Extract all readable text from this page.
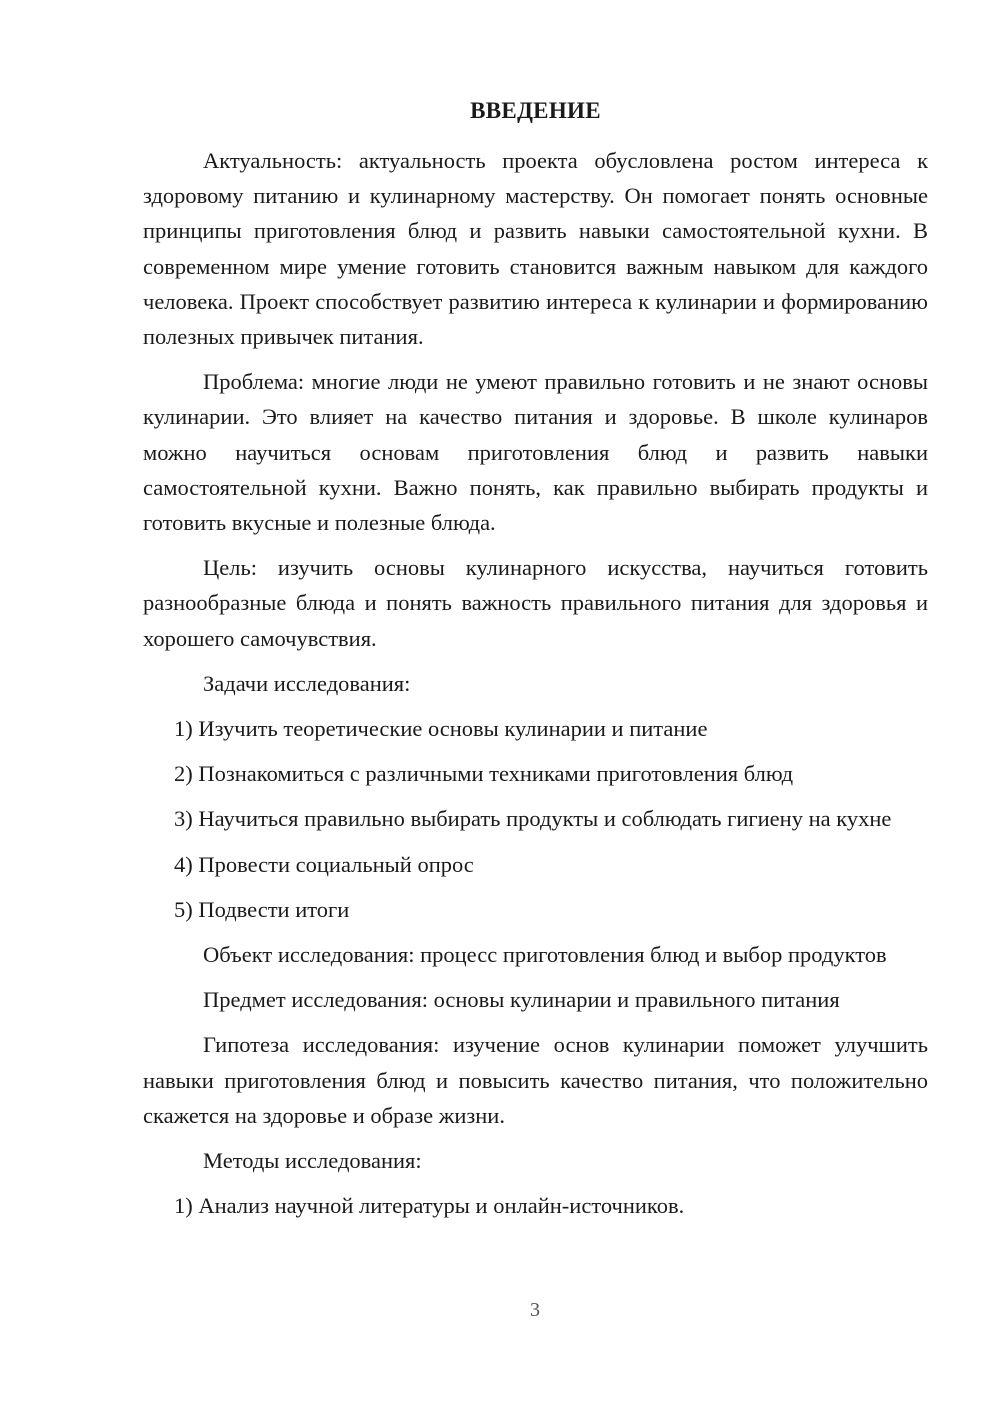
ВВЕДЕНИЕ

Актуальность: актуальность проекта обусловлена ростом интереса к здоровому питанию и кулинарному мастерству. Он помогает понять основные принципы приготовления блюд и развить навыки самостоятельной кухни. В современном мире умение готовить становится важным навыком для каждого человека. Проект способствует развитию интереса к кулинарии и формированию полезных привычек питания.

Проблема: многие люди не умеют правильно готовить и не знают основы кулинарии. Это влияет на качество питания и здоровье. В школе кулинаров можно научиться основам приготовления блюд и развить навыки самостоятельной кухни. Важно понять, как правильно выбирать продукты и готовить вкусные и полезные блюда.

Цель: изучить основы кулинарного искусства, научиться готовить разнообразные блюда и понять важность правильного питания для здоровья и хорошего самочувствия.

Задачи исследования:

1) Изучить теоретические основы кулинарии и питание

2) Познакомиться с различными техниками приготовления блюд

3) Научиться правильно выбирать продукты и соблюдать гигиену на кухне

4) Провести социальный опрос

5) Подвести итоги

Объект исследования: процесс приготовления блюд и выбор продуктов

Предмет исследования: основы кулинарии и правильного питания

Гипотеза исследования: изучение основ кулинарии поможет улучшить навыки приготовления блюд и повысить качество питания, что положительно скажется на здоровье и образе жизни.

Методы исследования:

1) Анализ научной литературы и онлайн-источников.

3
